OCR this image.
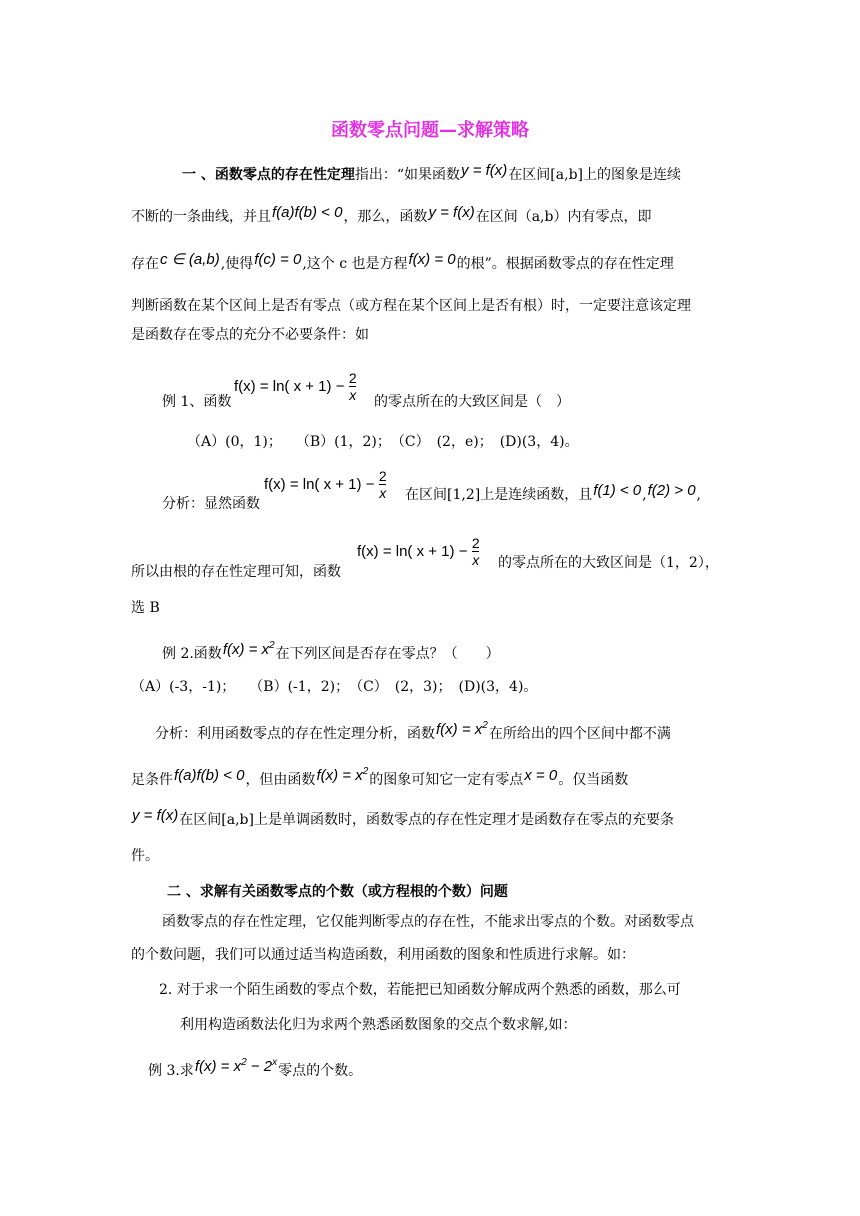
函数零点问题—求解策略
一 、函数零点的存在性定理指出：“如果函数y = f(x)在区间[a,b]上的图象是连续
不断的一条曲线，并且f(a)f(b) < 0，那么，函数y = f(x)在区间（a,b）内有零点，即
存在c ∈ (a,b),使得f(c) = 0,这个 c 也是方程f(x) = 0的根”。根据函数零点的存在性定理
判断函数在某个区间上是否有零点（或方程在某个区间上是否有根）时，一定要注意该定理
是函数存在零点的充分不必要条件：如
f(x) = ln( $x + 1) - \frac{2}{x}$
例 1、函数	的零点所在的大致区间是（　）
（A）(0，1)；　　（B）(1，2)；　（C）　(2，e)；　(D)(3，4)。
f(x) = ln( $x + 1) - \frac{2}{x}$
分析：显然函数
在区间[1,2]上是连续函数，且f(1) < 0,f(2) > 0,
f(x) = ln( $x + 1) - \frac{2}{x}$
所以由根的存在性定理可知，函数
的零点所在的大致区间是（1，2），
选 B
例 2.函数$f(x) = x^2$在下列区间是否存在零点？（　　）
（A）(-3，-1)；　　（B）(-1，2)；　（C）　(2，3)；　(D)(3，4)。
分析：利用函数零点的存在性定理分析，函数$f(x) = x^2$在所给出的四个区间中都不满
足条件f(a)f(b) < 0，但由函数$f(x) = x^2$的图象可知它一定有零点x = 0。仅当函数
y = f(x)在区间[a,b]上是单调函数时，函数零点的存在性定理才是函数存在零点的充要条
件。
二 、求解有关函数零点的个数（或方程根的个数）问题
函数零点的存在性定理，它仅能判断零点的存在性，不能求出零点的个数。对函数零点
的个数问题，我们可以通过适当构造函数，利用函数的图象和性质进行求解。如：
2. 对于求一个陌生函数的零点个数，若能把已知函数分解成两个熟悉的函数，那么可
利用构造函数法化归为求两个熟悉函数图象的交点个数求解,如：
例 3.求$f(x) = x^2 - 2^x$零点的个数。
